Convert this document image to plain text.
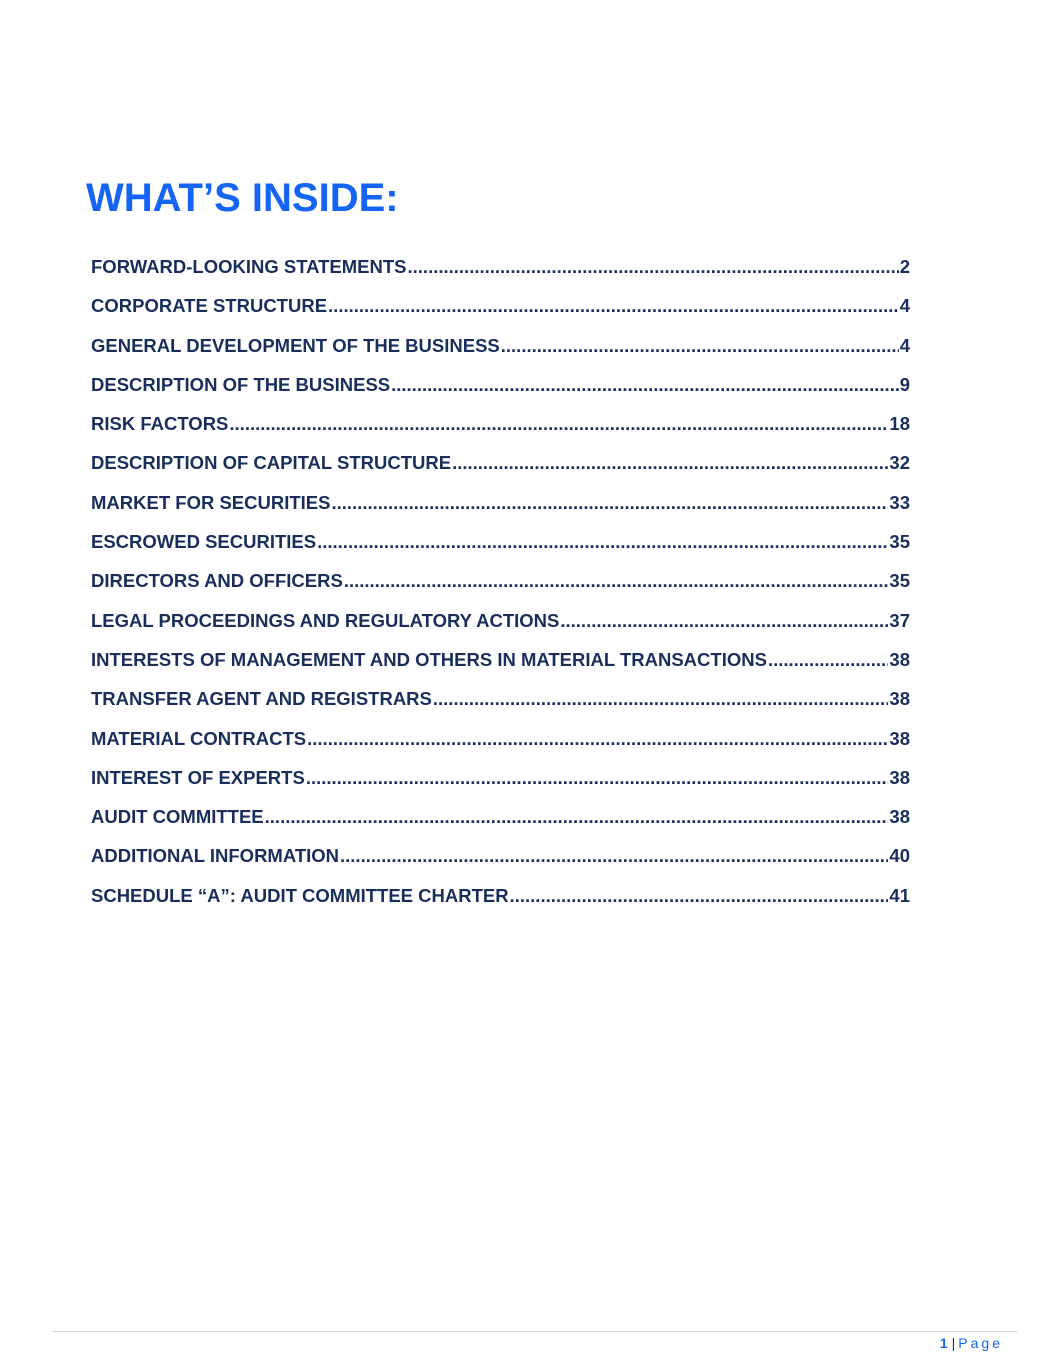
WHAT’S INSIDE:
FORWARD-LOOKING STATEMENTS .....	2
CORPORATE STRUCTURE .....	4
GENERAL DEVELOPMENT OF THE BUSINESS .....	4
DESCRIPTION OF THE BUSINESS .....	9
RISK FACTORS .....	18
DESCRIPTION OF CAPITAL STRUCTURE .....	32
MARKET FOR SECURITIES .....	33
ESCROWED SECURITIES .....	35
DIRECTORS AND OFFICERS .....	35
LEGAL PROCEEDINGS AND REGULATORY ACTIONS .....	37
INTERESTS OF MANAGEMENT AND OTHERS IN MATERIAL TRANSACTIONS .....	38
TRANSFER AGENT AND REGISTRARS .....	38
MATERIAL CONTRACTS .....	38
INTEREST OF EXPERTS .....	38
AUDIT COMMITTEE .....	38
ADDITIONAL INFORMATION .....	40
SCHEDULE “A”: AUDIT COMMITTEE CHARTER .....	41
1 | Page
